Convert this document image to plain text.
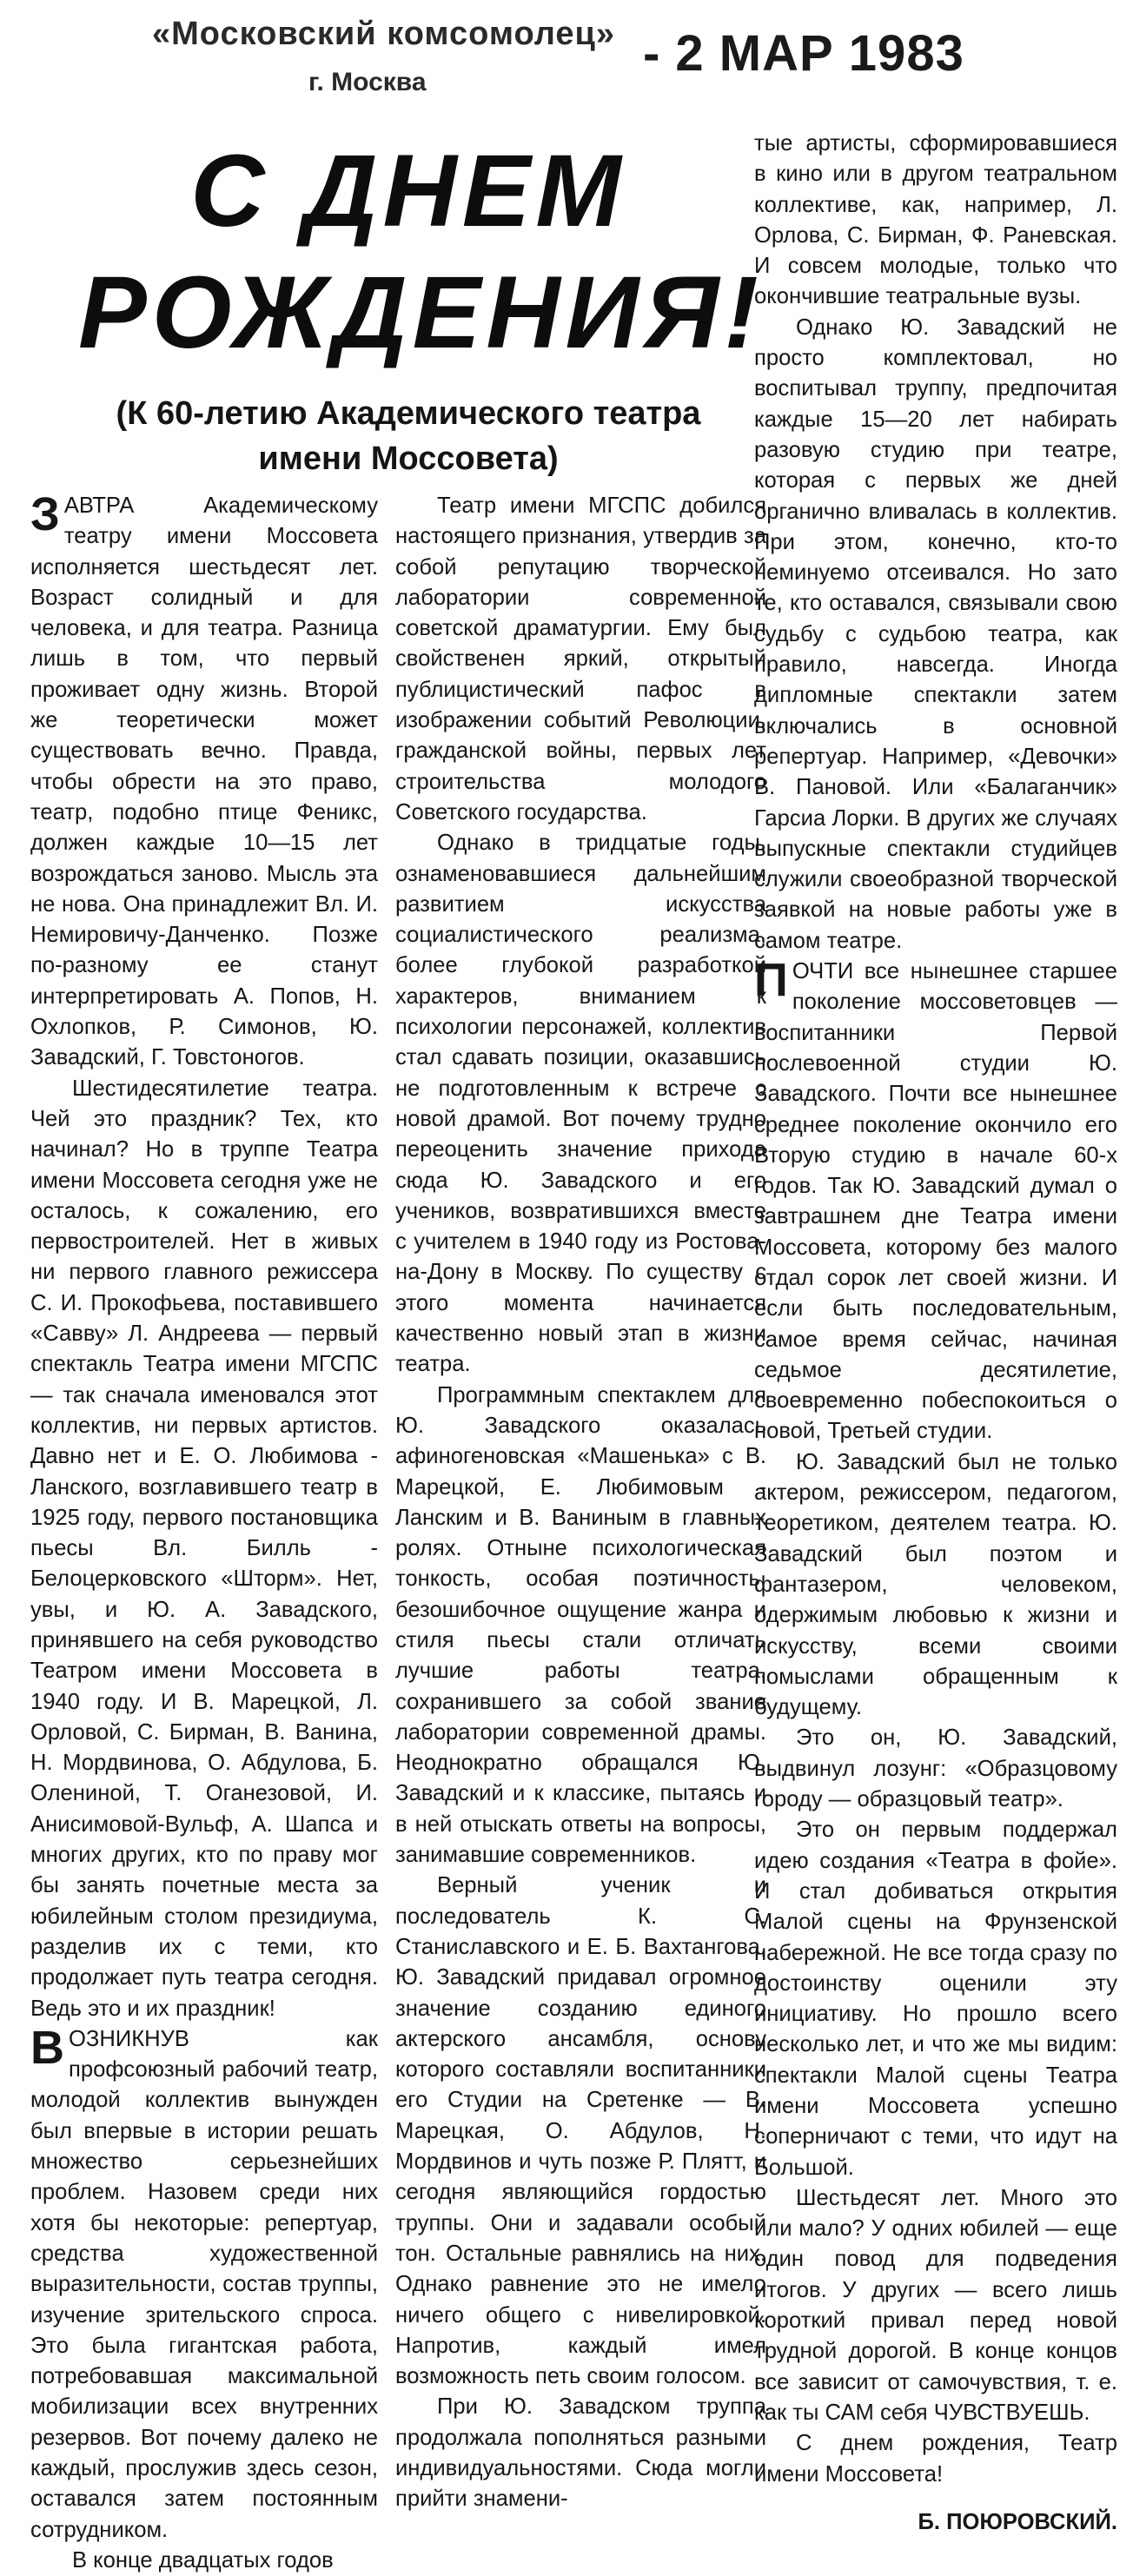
«Московский комсомолец»
г. Москва
- 2 МАР 1983
С ДНЕМ
РОЖДЕНИЯ!
(К 60-летию Академического театра имени Моссовета)

ЗАВТРА Академическому театру имени Моссовета исполняется шестьдесят лет. Возраст солидный и для человека, и для театра. Разница лишь в том, что первый проживает одну жизнь. Второй же теоретически может существовать вечно. Правда, чтобы обрести на это право, театр, подобно птице Феникс, должен каждые 10—15 лет возрождаться заново. Мысль эта не нова. Она принадлежит Вл. И. Немировичу-Данченко. Позже по-разному ее станут интерпретировать А. Попов, Н. Охлопков, Р. Симонов, Ю. Завадский, Г. Товстоногов.

Шестидесятилетие театра. Чей это праздник? Тех, кто начинал? Но в труппе Театра имени Моссовета сегодня уже не осталось, к сожалению, его первостроителей. Нет в живых ни первого главного режиссера С. И. Прокофьева, поставившего «Савву» Л. Андреева — первый спектакль Театра имени МГСПС— так сначала именовался этот коллектив, ни первых артистов. Давно нет и Е. О. Любимова - Ланского, возглавившего театр в 1925 году, первого постановщика пьесы Вл. Билль - Белоцерковского «Шторм». Нет, увы, и Ю. А. Завадского, принявшего на себя руководство Театром имени Моссовета в 1940 году. И В. Марецкой, Л. Орловой, С. Бирман, В. Ванина, Н. Мордвинова, О. Абдулова, Б. Олениной, Т. Оганезовой, И. Анисимовой-Вульф, А. Шапса и многих других, кто по праву мог бы занять почетные места за юбилейным столом президиума, разделив их с теми, кто продолжает путь театра сегодня. Ведь это и их праздник!

ВОЗНИКНУВ как профсоюзный рабочий театр, молодой коллектив вынужден был впервые в истории решать множество серьезнейших проблем. Назовем среди них хотя бы некоторые: репертуар, средства художественной выразительности, состав труппы, изучение зрительского спроса. Это была гигантская работа, потребовавшая максимальной мобилизации всех внутренних резервов. Вот почему далеко не каждый, прослужив здесь сезон, оставался затем постоянным сотрудником.

В конце двадцатых годов

Театр имени МГСПС добился настоящего признания, утвердив за собой репутацию творческой лаборатории современной советской драматургии. Ему был свойственен яркий, открытый публицистический пафос в изображении событий Революции, гражданской войны, первых лет строительства молодого Советского государства.

Однако в тридцатые годы, ознаменовавшиеся дальнейшим развитием искусства социалистического реализма, более глубокой разработкой характеров, вниманием к психологии персонажей, коллектив стал сдавать позиции, оказавшись не подготовленным к встрече с новой драмой. Вот почему трудно переоценить значение прихода сюда Ю. Завадского и его учеников, возвратившихся вместе с учителем в 1940 году из Ростова-на-Дону в Москву. По существу с этого момента начинается качественно новый этап в жизни театра.

Программным спектаклем для Ю. Завадского оказалась афиногеновская «Машенька» с В. Марецкой, Е. Любимовым - Ланским и В. Ваниным в главных ролях. Отныне психологическая тонкость, особая поэтичность, безошибочное ощущение жанра и стиля пьесы стали отличать лучшие работы театра, сохранившего за собой звание лаборатории современной драмы. Неоднократно обращался Ю. Завадский и к классике, пытаясь и в ней отыскать ответы на вопросы, занимавшие современников.

Верный ученик и последователь К. С. Станиславского и Е. Б. Вахтангова, Ю. Завадский придавал огромное значение созданию единого актерского ансамбля, основу которого составляли воспитанники его Студии на Сретенке — В. Марецкая, О. Абдулов, Н. Мордвинов и чуть позже Р. Плятт, и сегодня являющийся гордостью труппы. Они и задавали особый тон. Остальные равнялись на них. Однако равнение это не имело ничего общего с нивелировкой. Напротив, каждый имел возможность петь своим голосом.

При Ю. Завадском труппа продолжала пополняться разными индивидуальностями. Сюда могли прийти знамени-

тые артисты, сформировавшиеся в кино или в другом театральном коллективе, как, например, Л. Орлова, С. Бирман, Ф. Раневская. И совсем молодые, только что окончившие театральные вузы.

Однако Ю. Завадский не просто комплектовал, но воспитывал труппу, предпочитая каждые 15—20 лет набирать разовую студию при театре, которая с первых же дней органично вливалась в коллектив. При этом, конечно, кто-то неминуемо отсеивался. Но зато те, кто оставался, связывали свою судьбу с судьбою театра, как правило, навсегда. Иногда дипломные спектакли затем включались в основной репертуар. Например, «Девочки» В. Пановой. Или «Балаганчик» Гарсиа Лорки. В других же случаях выпускные спектакли студийцев служили своеобразной творческой заявкой на новые работы уже в самом театре.

ПОЧТИ все нынешнее старшее поколение моссоветовцев — воспитанники Первой послевоенной студии Ю. Завадского. Почти все нынешнее среднее поколение окончило его Вторую студию в начале 60-х годов. Так Ю. Завадский думал о завтрашнем дне Театра имени Моссовета, которому без малого отдал сорок лет своей жизни. И если быть последовательным, самое время сейчас, начиная седьмое десятилетие, своевременно побеспокоиться о новой, Третьей студии.

Ю. Завадский был не только актером, режиссером, педагогом, теоретиком, деятелем театра. Ю. Завадский был поэтом и фантазером, человеком, одержимым любовью к жизни и искусству, всеми своими помыслами обращенным к будущему.

Это он, Ю. Завадский, выдвинул лозунг: «Образцовому городу — образцовый театр».

Это он первым поддержал идею создания «Театра в фойе». И стал добиваться открытия Малой сцены на Фрунзенской набережной. Не все тогда сразу по достоинству оценили эту инициативу. Но прошло всего несколько лет, и что же мы видим: спектакли Малой сцены Театра имени Моссовета успешно соперничают с теми, что идут на Большой.

Шестьдесят лет. Много это или мало? У одних юбилей — еще один повод для подведения итогов. У других — всего лишь короткий привал перед новой трудной дорогой. В конце концов все зависит от самочувствия, т. е. как ты САМ себя ЧУВСТВУЕШЬ.

С днем рождения, Театр имени Моссовета!

Б. ПОЮРОВСКИЙ.
